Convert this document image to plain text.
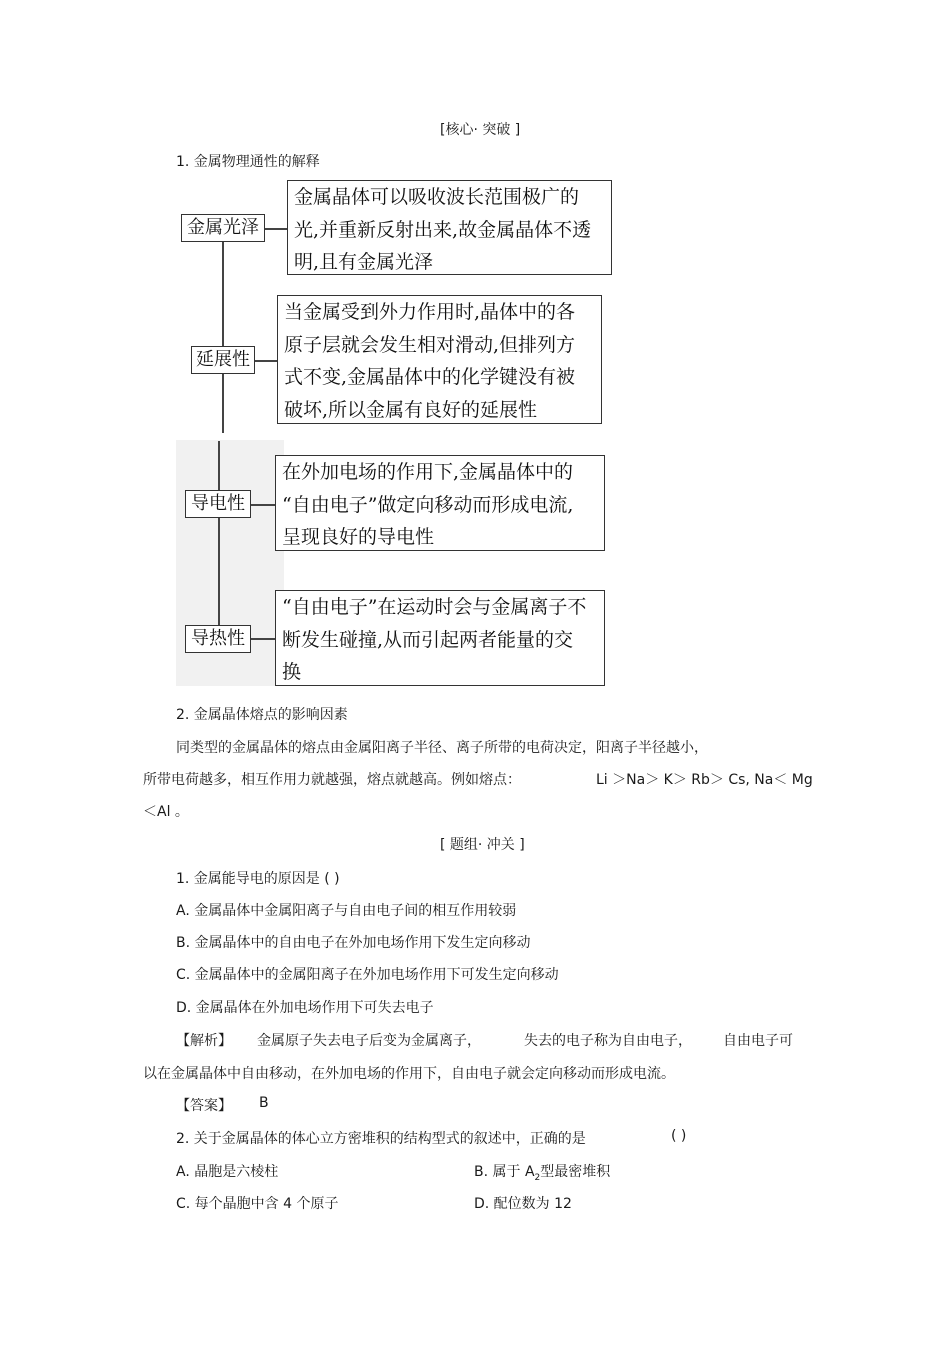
[核心· 突破 ]
1. 金属物理通性的解释
金属光泽
金属晶体可以吸收波长范围极广的
光,并重新反射出来,故金属晶体不透
明,且有金属光泽
延展性
当金属受到外力作用时,晶体中的各
原子层就会发生相对滑动,但排列方
式不变,金属晶体中的化学键没有被
破坏,所以金属有良好的延展性
导电性
在外加电场的作用下,金属晶体中的
“自由电子”做定向移动而形成电流,
呈现良好的导电性
导热性
“自由电子”在运动时会与金属离子不
断发生碰撞,从而引起两者能量的交
换
2. 金属晶体熔点的影响因素
同类型的金属晶体的熔点由金属阳离子半径、离子所带的电荷决定，阳离子半径越小，
所带电荷越多，相互作用力就越强，熔点就越高。例如熔点：	Li ＞Na＞ K＞ Rb＞ Cs, Na＜ Mg
＜Al 。
[ 题组· 冲关 ]
1. 金属能导电的原因是 ( )
A. 金属晶体中金属阳离子与自由电子间的相互作用较弱
B. 金属晶体中的自由电子在外加电场作用下发生定向移动
C. 金属晶体中的金属阳离子在外加电场作用下可发生定向移动
D. 金属晶体在外加电场作用下可失去电子
【解析】 金属原子失去电子后变为金属离子，	失去的电子称为自由电子， 自由电子可
以在金属晶体中自由移动，在外加电场的作用下，自由电子就会定向移动而形成电流。
【答案】 B
2. 关于金属晶体的体心立方密堆积的结构型式的叙述中，正确的是	( )
A. 晶胞是六棱柱	B. 属于 $A_2$型最密堆积
C. 每个晶胞中含 4 个原子	D. 配位数为 12
